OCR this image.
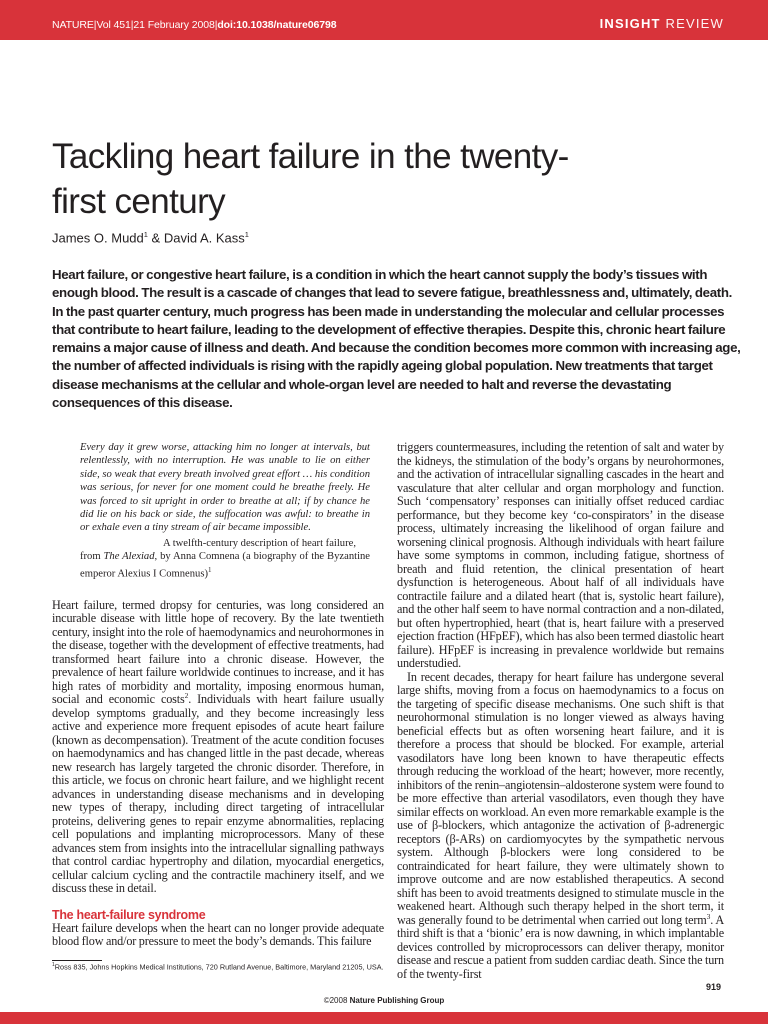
NATURE|Vol 451|21 February 2008|doi:10.1038/nature06798	INSIGHT REVIEW
Tackling heart failure in the twenty-first century
James O. Mudd$^1$ & David A. Kass$^1$

Heart failure, or congestive heart failure, is a condition in which the heart cannot supply the body’s tissues with enough blood. The result is a cascade of changes that lead to severe fatigue, breathlessness and, ultimately, death. In the past quarter century, much progress has been made in understanding the molecular and cellular processes that contribute to heart failure, leading to the development of effective therapies. Despite this, chronic heart failure remains a major cause of illness and death. And because the condition becomes more common with increasing age, the number of affected individuals is rising with the rapidly ageing global population. New treatments that target disease mechanisms at the cellular and whole-organ level are needed to halt and reverse the devastating consequences of this disease.

Every day it grew worse, attacking him no longer at intervals, but relentlessly, with no interruption. He was unable to lie on either side, so weak that every breath involved great effort … his condition was serious, for never for one moment could he breathe freely. He was forced to sit upright in order to breathe at all; if by chance he did lie on his back or side, the suffocation was awful: to breathe in or exhale even a tiny stream of air became impossible.

A twelfth-century description of heart failure,
from The Alexiad, by Anna Comnena (a biography of the Byzantine emperor Alexius I Comnenus)$^1$

Heart failure, termed dropsy for centuries, was long considered an incurable disease with little hope of recovery. By the late twentieth century, insight into the role of haemodynamics and neurohormones in the disease, together with the development of effective treatments, had transformed heart failure into a chronic disease. However, the prevalence of heart failure worldwide continues to increase, and it has high rates of morbidity and mortality, imposing enormous human, social and economic costs$^2$. Individuals with heart failure usually develop symptoms gradually, and they become increasingly less active and experience more frequent episodes of acute heart failure (known as decompensation). Treatment of the acute condition focuses on haemodynamics and has changed little in the past decade, whereas new research has largely targeted the chronic disorder. Therefore, in this article, we focus on chronic heart failure, and we highlight recent advances in understanding disease mechanisms and in developing new types of therapy, including direct targeting of intracellular proteins, delivering genes to repair enzyme abnormalities, replacing cell populations and implanting microprocessors. Many of these advances stem from insights into the intracellular signalling pathways that control cardiac hypertrophy and dilation, myocardial energetics, cellular calcium cycling and the contractile machinery itself, and we discuss these in detail.

The heart-failure syndrome

Heart failure develops when the heart can no longer provide adequate blood flow and/or pressure to meet the body’s demands. This failure

triggers countermeasures, including the retention of salt and water by the kidneys, the stimulation of the body’s organs by neurohormones, and the activation of intracellular signalling cascades in the heart and vasculature that alter cellular and organ morphology and function. Such ‘compensatory’ responses can initially offset reduced cardiac performance, but they become key ‘co-conspirators’ in the disease process, ultimately increasing the likelihood of organ failure and worsening clinical prognosis. Although individuals with heart failure have some symptoms in common, including fatigue, shortness of breath and fluid retention, the clinical presentation of heart dysfunction is heterogeneous. About half of all individuals have contractile failure and a dilated heart (that is, systolic heart failure), and the other half seem to have normal contraction and a non-dilated, but often hypertrophied, heart (that is, heart failure with a preserved ejection fraction (HFpEF), which has also been termed diastolic heart failure). HFpEF is increasing in prevalence worldwide but remains understudied.

In recent decades, therapy for heart failure has undergone several large shifts, moving from a focus on haemodynamics to a focus on the targeting of specific disease mechanisms. One such shift is that neurohormonal stimulation is no longer viewed as always having beneficial effects but as often worsening heart failure, and it is therefore a process that should be blocked. For example, arterial vasodilators have long been known to have therapeutic effects through reducing the workload of the heart; however, more recently, inhibitors of the renin–angiotensin–aldosterone system were found to be more effective than arterial vasodilators, even though they have similar effects on workload. An even more remarkable example is the use of β-blockers, which antagonize the activation of β-adrenergic receptors (β-ARs) on cardiomyocytes by the sympathetic nervous system. Although β-blockers were long considered to be contraindicated for heart failure, they were ultimately shown to improve outcome and are now established therapeutics. A second shift has been to avoid treatments designed to stimulate muscle in the weakened heart. Although such therapy helped in the short term, it was generally found to be detrimental when carried out long term$^3$. A third shift is that a ‘bionic’ era is now dawning, in which implantable devices controlled by microprocessors can deliver therapy, monitor disease and rescue a patient from sudden cardiac death. Since the turn of the twenty-first

$^1$Ross 835, Johns Hopkins Medical Institutions, 720 Rutland Avenue, Baltimore, Maryland 21205, USA.
919
©2008 Nature Publishing Group
